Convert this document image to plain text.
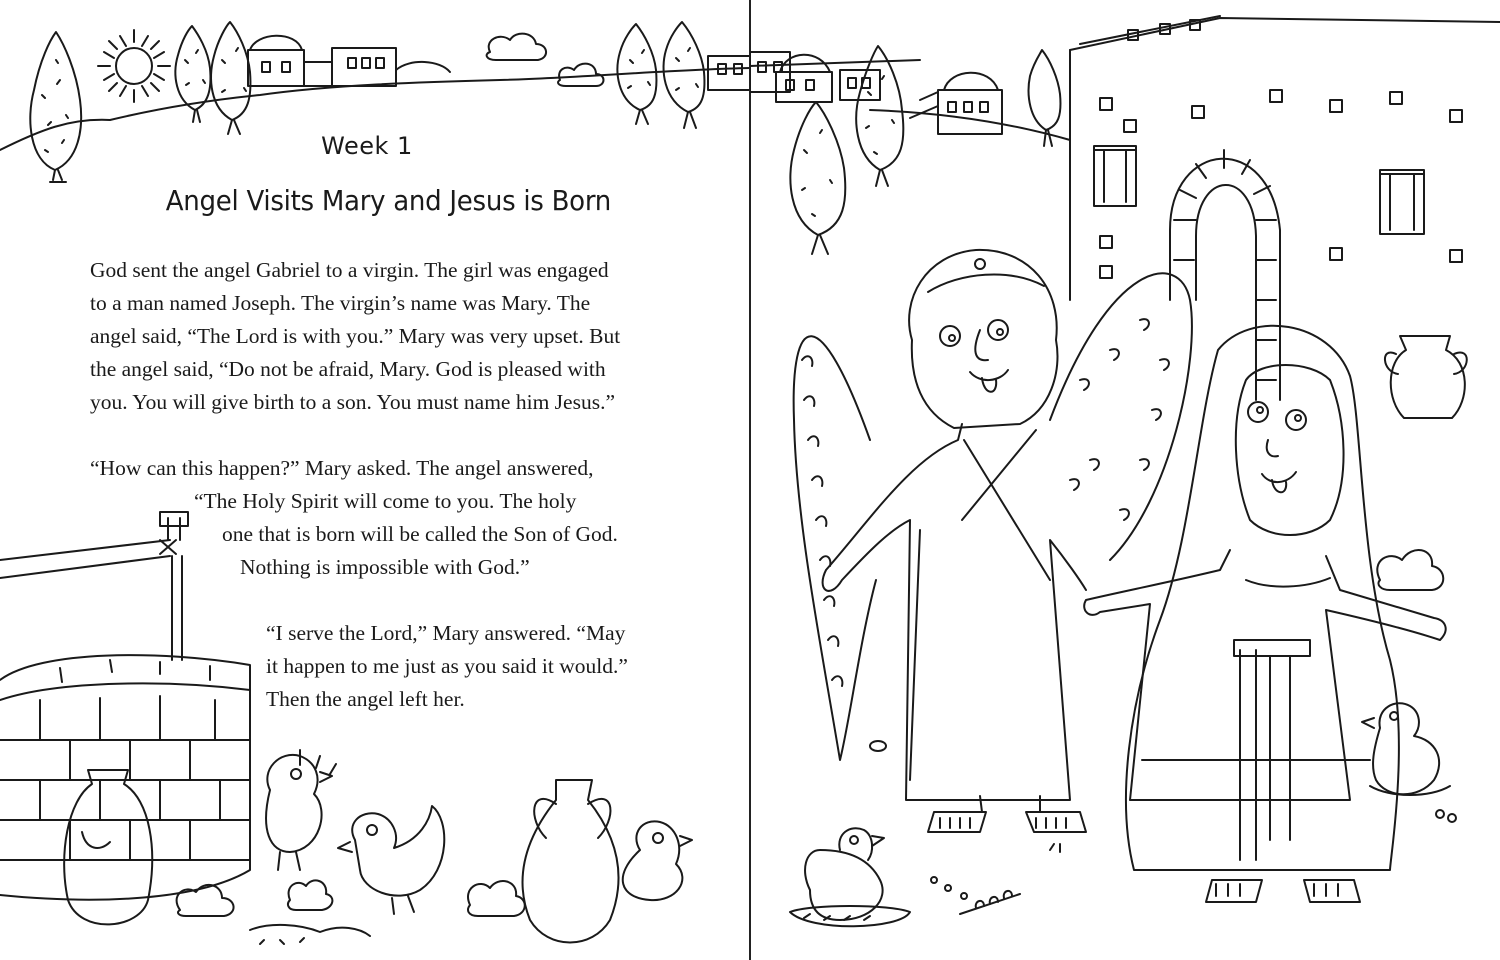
Week 1
Angel Visits Mary and Jesus is Born
God sent the angel Gabriel to a virgin. The girl was engaged
to a man named Joseph. The virgin’s name was Mary. The
angel said, “The Lord is with you.” Mary was very upset. But
the angel said, “Do not be afraid, Mary. God is pleased with
you. You will give birth to a son. You must name him Jesus.”
“How can this happen?” Mary asked. The angel answered,
“The Holy Spirit will come to you. The holy
one that is born will be called the Son of God.
Nothing is impossible with God.”
“I serve the Lord,” Mary answered. “May
it happen to me just as you said it would.”
Then the angel left her.
